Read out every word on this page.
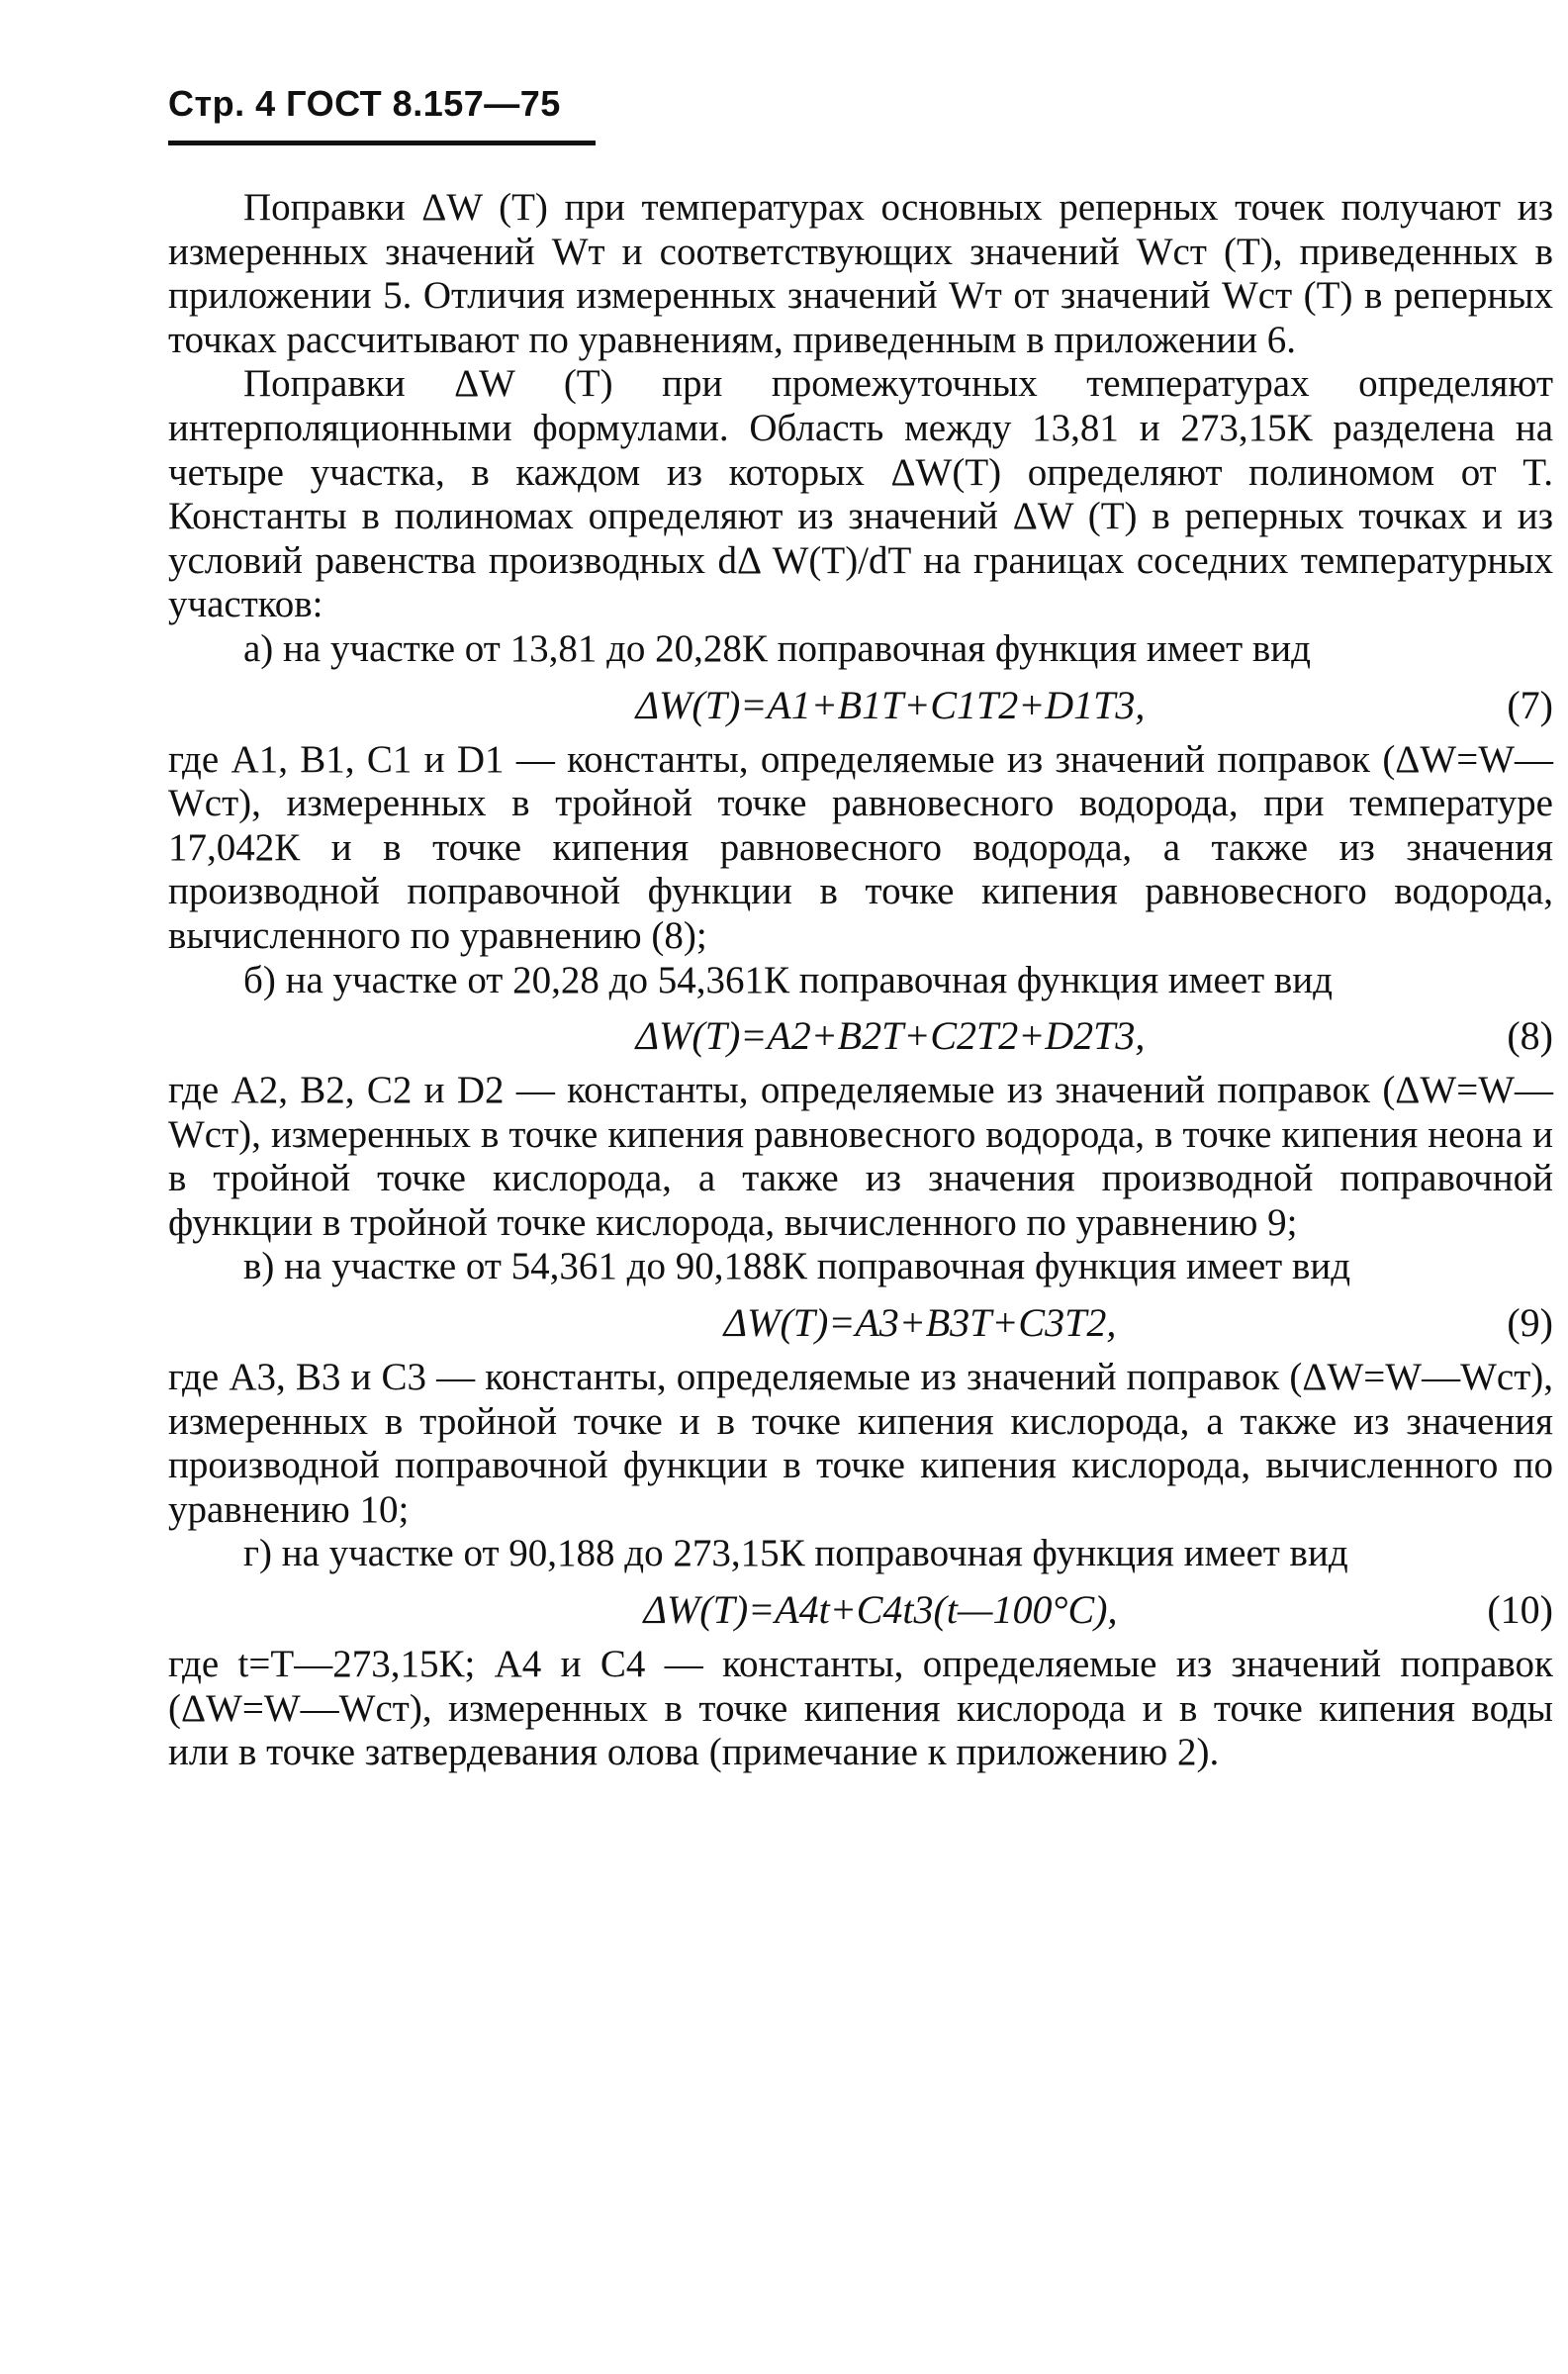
Стр. 4 ГОСТ 8.157—75

Поправки ΔW (T) при температурах основных реперных точек получают из измеренных значений Wт и соответствующих значений Wст (T), приведенных в приложении 5. Отличия измеренных значений Wт от значений Wст (T) в реперных точках рассчитывают по уравнениям, приведенным в приложении 6.

Поправки ΔW (T) при промежуточных температурах определяют интерполяционными формулами. Область между 13,81 и 273,15К разделена на четыре участка, в каждом из которых ΔW(T) определяют полиномом от T. Константы в полиномах определяют из значений ΔW (T) в реперных точках и из условий равенства производных dΔ W(T)/dT на границах соседних температурных участков:

а) на участке от 13,81 до 20,28К поправочная функция имеет вид

ΔW(T)=A1+B1T+C1T2+D1T3,	(7)

где A1, B1, C1 и D1 — константы, определяемые из значений поправок (ΔW=W—Wст), измеренных в тройной точке равновесного водорода, при температуре 17,042К и в точке кипения равновесного водорода, а также из значения производной поправочной функции в точке кипения равновесного водорода, вычисленного по уравнению (8);

б) на участке от 20,28 до 54,361К поправочная функция имеет вид

ΔW(T)=A2+B2T+C2T2+D2T3,	(8)

где A2, B2, C2 и D2 — константы, определяемые из значений поправок (ΔW=W—Wст), измеренных в точке кипения равновесного водорода, в точке кипения неона и в тройной точке кислорода, а также из значения производной поправочной функции в тройной точке кислорода, вычисленного по уравнению 9;

в) на участке от 54,361 до 90,188К поправочная функция имеет вид

ΔW(T)=A3+B3T+C3T2,	(9)

где A3, B3 и C3 — константы, определяемые из значений поправок (ΔW=W—Wст), измеренных в тройной точке и в точке кипения кислорода, а также из значения производной поправочной функции в точке кипения кислорода, вычисленного по уравнению 10;

г) на участке от 90,188 до 273,15К поправочная функция имеет вид

ΔW(T)=A4t+C4t3(t—100°С),	(10)

где t=T—273,15К; A4 и C4 — константы, определяемые из значений поправок (ΔW=W—Wст), измеренных в точке кипения кислорода и в точке кипения воды или в точке затвердевания олова (примечание к приложению 2).
